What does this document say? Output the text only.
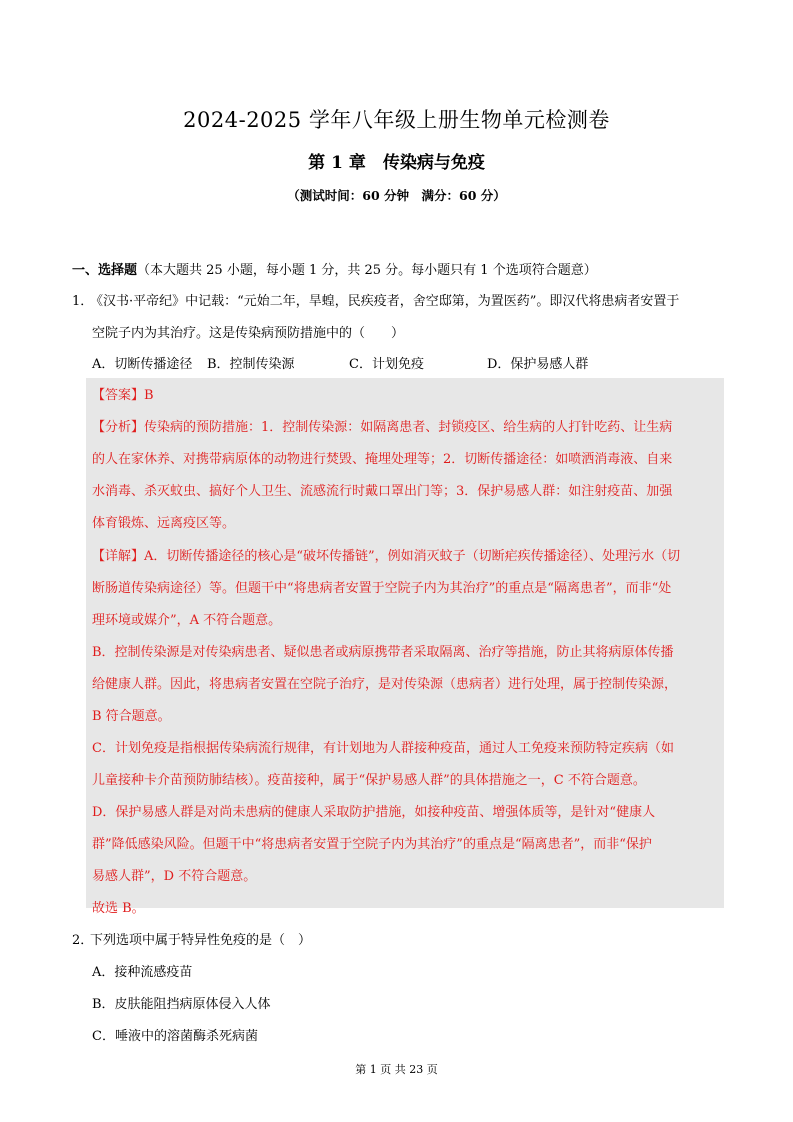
2024-2025 学年八年级上册生物单元检测卷
第 1 章　传染病与免疫
（测试时间：60 分钟　满分：60 分）
一、选择题（本大题共 25 小题，每小题 1 分，共 25 分。每小题只有 1 个选项符合题意）
1．
《汉书·平帝纪》中记载：“元始二年，旱蝗，民疾疫者，舍空邸第，为置医药”。即汉代将患病者安置于
空院子内为其治疗。这是传染病预防措施中的（　　）
A．切断传播途径 B．控制传染源	C．计划免疫	D．保护易感人群
【答案】B
【分析】传染病的预防措施：1．控制传染源：如隔离患者、封锁疫区、给生病的人打针吃药、让生病
的人在家休养、对携带病原体的动物进行焚毁、掩埋处理等；2．切断传播途径：如喷洒消毒液、自来
水消毒、杀灭蚊虫、搞好个人卫生、流感流行时戴口罩出门等；3．保护易感人群：如注射疫苗、加强
体育锻炼、远离疫区等。
【详解】A．切断传播途径的核心是“破坏传播链”，例如消灭蚊子（切断疟疾传播途径）、处理污水（切
断肠道传染病途径）等。但题干中“将患病者安置于空院子内为其治疗”的重点是“隔离患者”，而非“处
理环境或媒介”，A 不符合题意。
B．控制传染源是对传染病患者、疑似患者或病原携带者采取隔离、治疗等措施，防止其将病原体传播
给健康人群。因此，将患病者安置在空院子治疗，是对传染源（患病者）进行处理，属于控制传染源，
B 符合题意。
C．计划免疫是指根据传染病流行规律，有计划地为人群接种疫苗，通过人工免疫来预防特定疾病（如
儿童接种卡介苗预防肺结核）。疫苗接种，属于“保护易感人群”的具体措施之一，C 不符合题意。
D．保护易感人群是对尚未患病的健康人采取防护措施，如接种疫苗、增强体质等，是针对“健康人
群”降低感染风险。但题干中“将患病者安置于空院子内为其治疗”的重点是“隔离患者”，而非“保护
易感人群”，D 不符合题意。
故选 B。
2．
下列选项中属于特异性免疫的是（　）
A．接种流感疫苗
B．皮肤能阻挡病原体侵入人体
C．唾液中的溶菌酶杀死病菌
第 1 页 共 23 页
